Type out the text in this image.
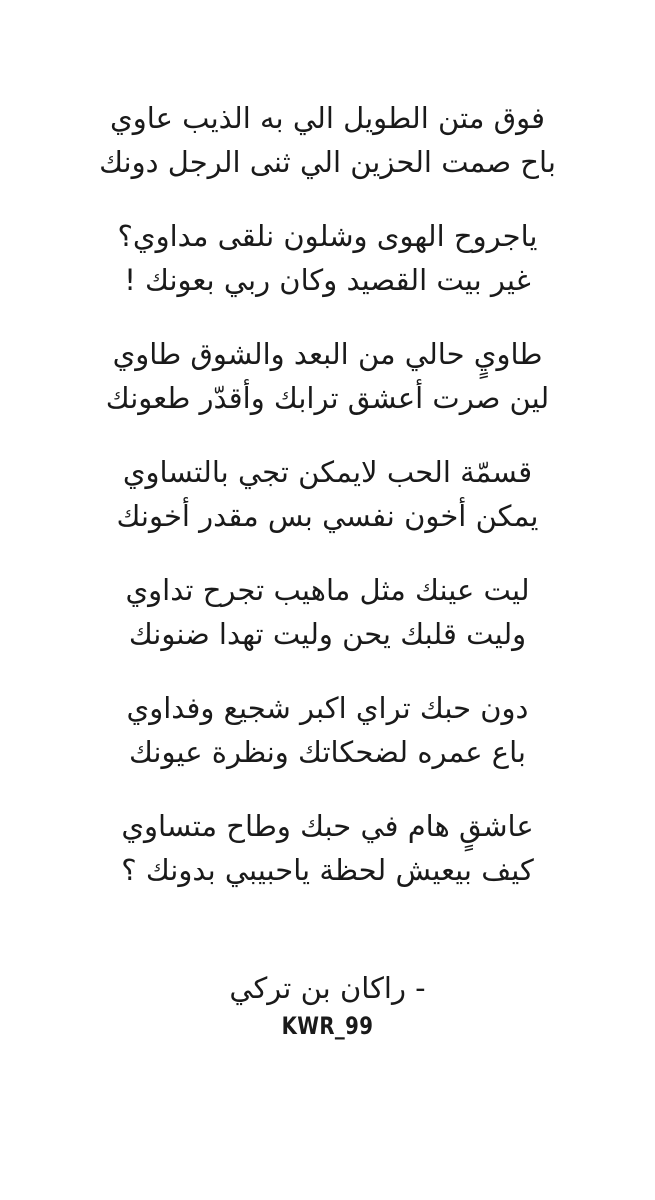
فوق متن الطويل الي به الذيب عاوي
باح صمت الحزين الي ثنى الرجل دونك
ياجروح الهوى وشلون نلقى مداوي؟
غير بيت القصيد وكان ربي بعونك !
طاويٍ حالي من البعد والشوق طاوي
لين صرت أعشق ترابك وأقدّر طعونك
قسمّة الحب لايمكن تجي بالتساوي
يمكن أخون نفسي بس مقدر أخونك
ليت عينك مثل ماهيب تجرح تداوي
وليت قلبك يحن وليت تهدا ضنونك
دون حبك تراي اكبر شجيع وفداوي
باع عمره لضحكاتك ونظرة عيونك
عاشقٍ هام في حبك وطاح متساوي
كيف بيعيش لحظة ياحبيبي بدونك ؟
- راكان بن تركي
KWR_99
